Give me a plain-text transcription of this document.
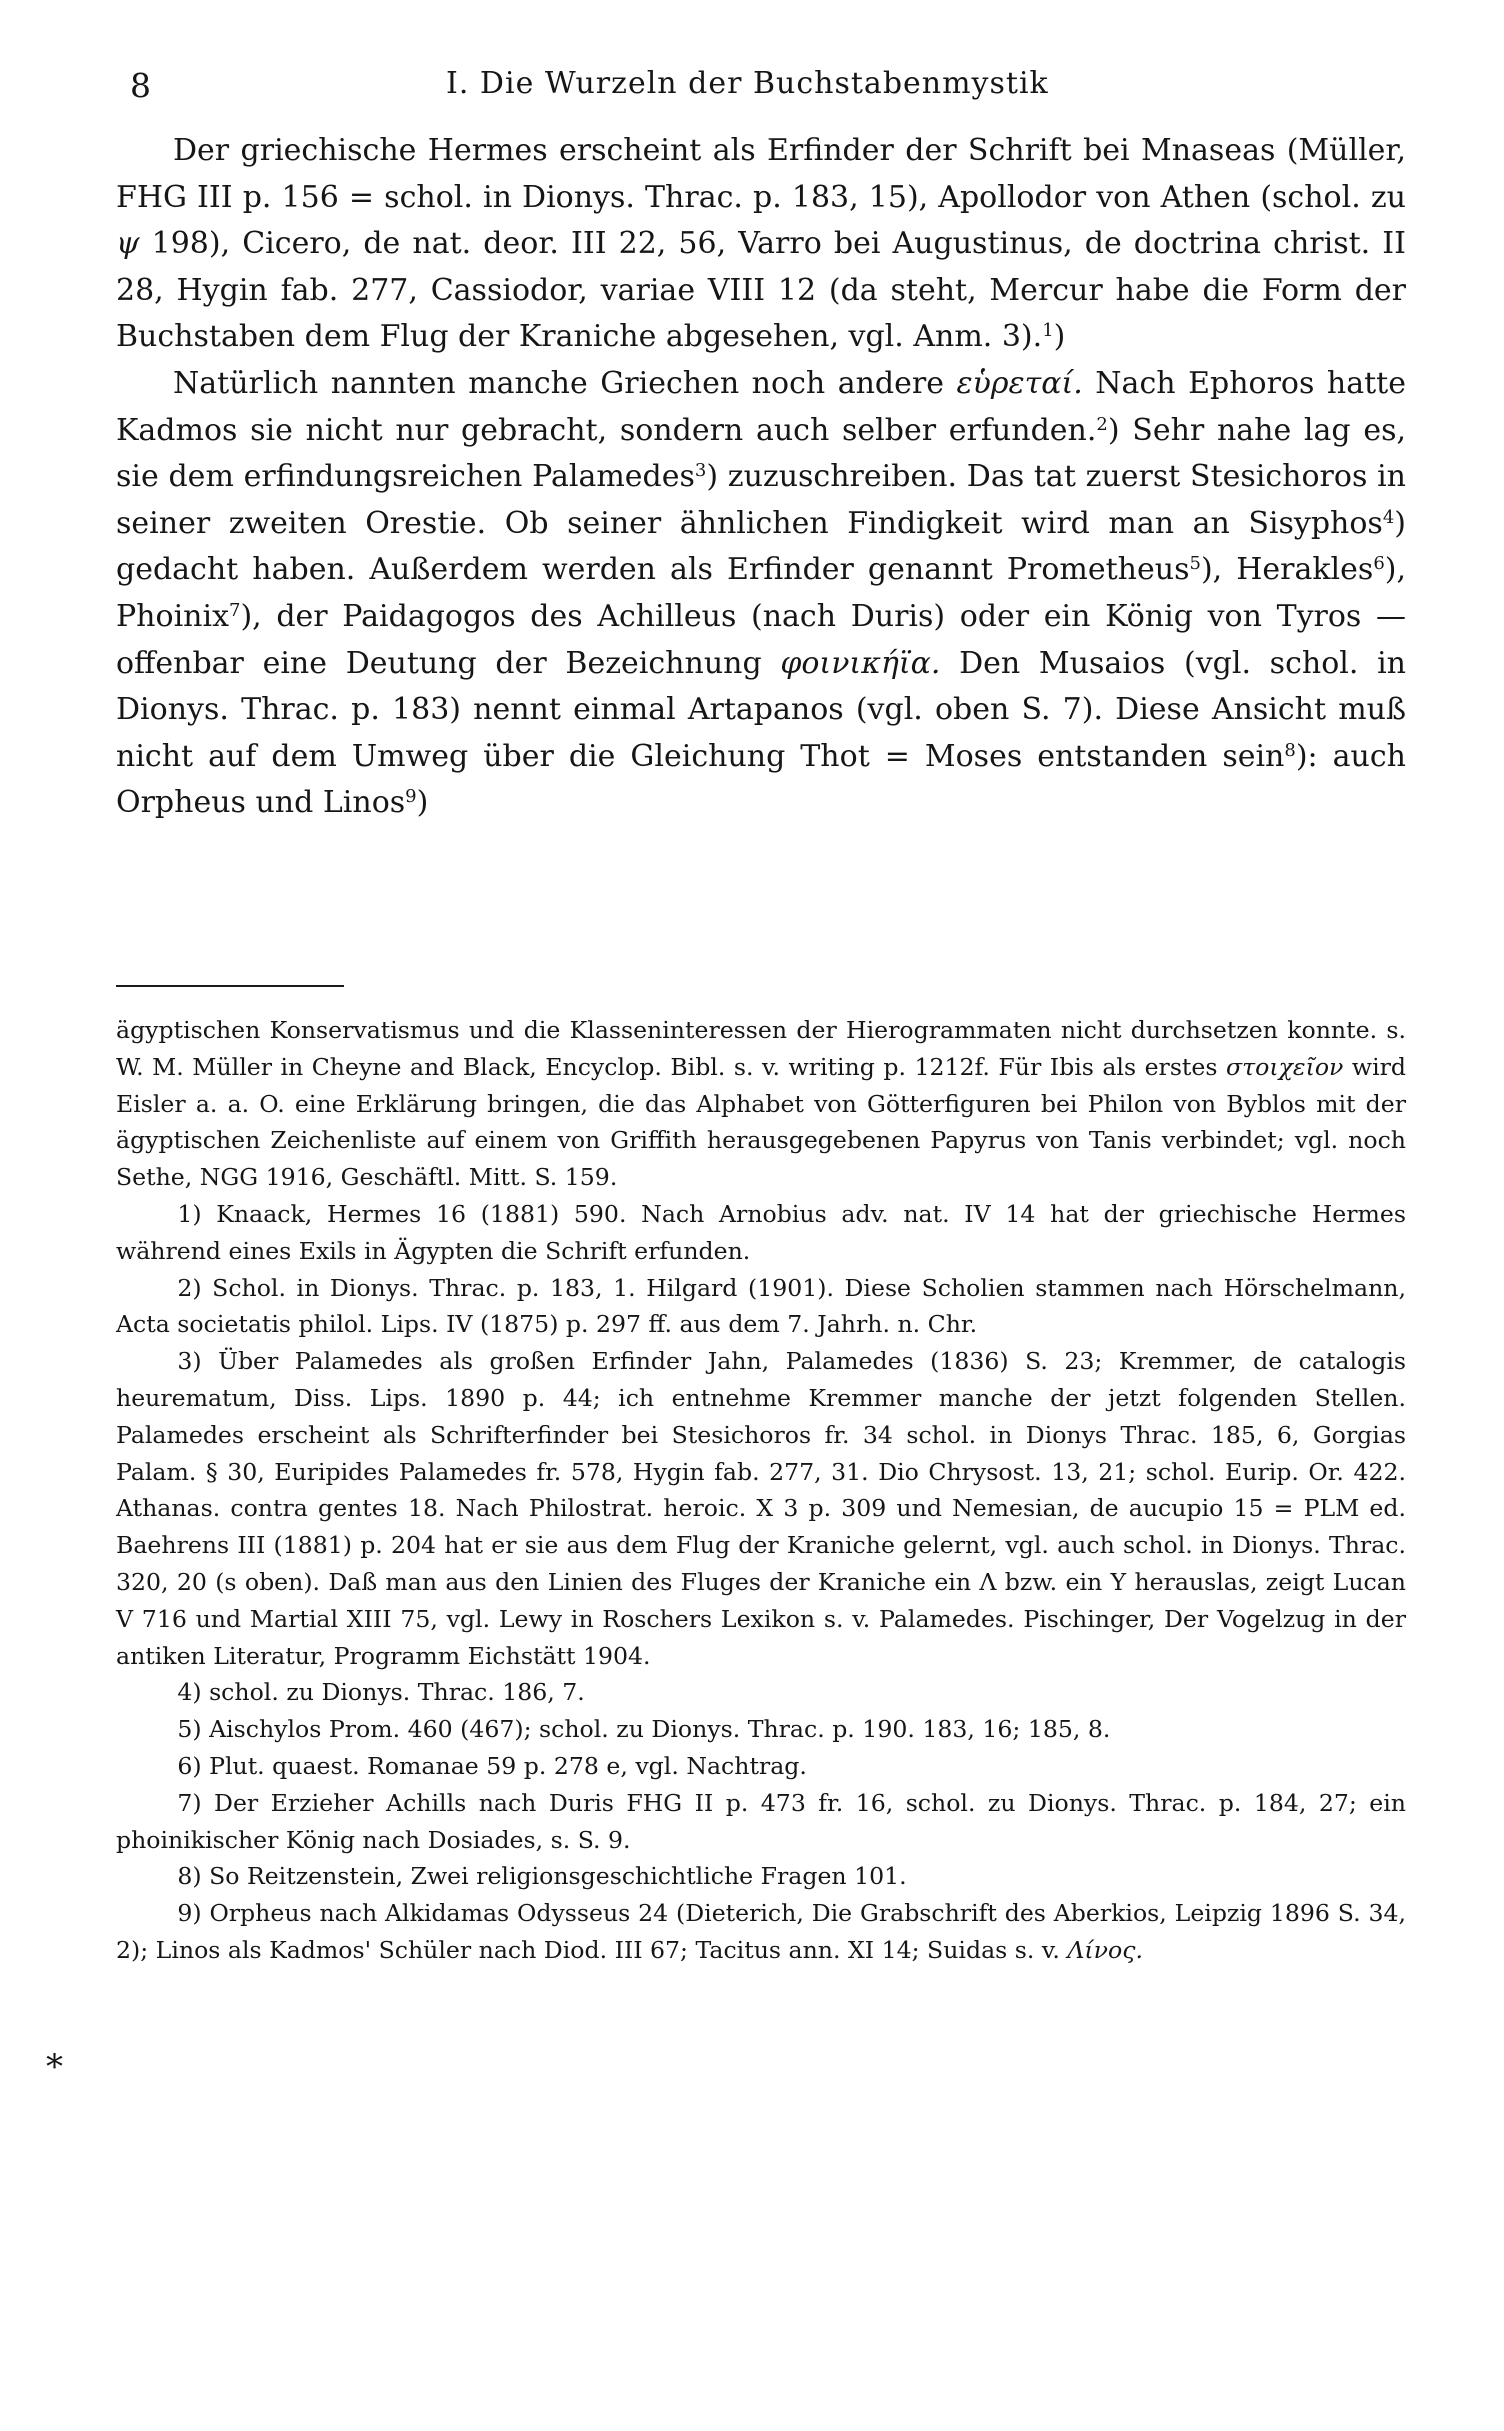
8	I. Die Wurzeln der Buchstabenmystik

Der griechische Hermes erscheint als Erfinder der Schrift bei Mnaseas (Müller, FHG III p. 156 = schol. in Dionys. Thrac. p. 183, 15), Apollodor von Athen (schol. zu ψ 198), Cicero, de nat. deor. III 22, 56, Varro bei Augustinus, de doctrina christ. II 28, Hygin fab. 277, Cassiodor, variae VIII 12 (da steht, Mercur habe die Form der Buchstaben dem Flug der Kraniche abgesehen, vgl. Anm. 3).$^1$)

Natürlich nannten manche Griechen noch andere εὑρεταί. Nach Ephoros hatte Kadmos sie nicht nur gebracht, sondern auch selber erfunden.$^2$) Sehr nahe lag es, sie dem erfindungsreichen Palamedes$^3$) zuzuschreiben. Das tat zuerst Stesichoros in seiner zweiten Orestie. Ob seiner ähnlichen Findigkeit wird man an Sisyphos$^4$) gedacht haben. Außerdem werden als Erfinder genannt Prometheus$^5$), Herakles$^6$), Phoinix$^7$), der Paidagogos des Achilleus (nach Duris) oder ein König von Tyros — offenbar eine Deutung der Bezeichnung φοινικήϊα. Den Musaios (vgl. schol. in Dionys. Thrac. p. 183) nennt einmal Artapanos (vgl. oben S. 7). Diese Ansicht muß nicht auf dem Umweg über die Gleichung Thot = Moses entstanden sein$^8$): auch Orpheus und Linos$^9$)

ägyptischen Konservatismus und die Klasseninteressen der Hierogrammaten nicht durchsetzen konnte. s. W. M. Müller in Cheyne and Black, Encyclop. Bibl. s. v. writing p. 1212f. Für Ibis als erstes στοιχεῖον wird Eisler a. a. O. eine Erklärung bringen, die das Alphabet von Götterfiguren bei Philon von Byblos mit der ägyptischen Zeichenliste auf einem von Griffith herausgegebenen Papyrus von Tanis verbindet; vgl. noch Sethe, NGG 1916, Geschäftl. Mitt. S. 159.

1) Knaack, Hermes 16 (1881) 590. Nach Arnobius adv. nat. IV 14 hat der griechische Hermes während eines Exils in Ägypten die Schrift erfunden.

2) Schol. in Dionys. Thrac. p. 183, 1. Hilgard (1901). Diese Scholien stammen nach Hörschelmann, Acta societatis philol. Lips. IV (1875) p. 297 ff. aus dem 7. Jahrh. n. Chr.

3) Über Palamedes als großen Erfinder Jahn, Palamedes (1836) S. 23; Kremmer, de catalogis heurematum, Diss. Lips. 1890 p. 44; ich entnehme Kremmer manche der jetzt folgenden Stellen. Palamedes erscheint als Schrifterfinder bei Stesichoros fr. 34 schol. in Dionys Thrac. 185, 6, Gorgias Palam. § 30, Euripides Palamedes fr. 578, Hygin fab. 277, 31. Dio Chrysost. 13, 21; schol. Eurip. Or. 422. Athanas. contra gentes 18. Nach Philostrat. heroic. X 3 p. 309 und Nemesian, de aucupio 15 = PLM ed. Baehrens III (1881) p. 204 hat er sie aus dem Flug der Kraniche gelernt, vgl. auch schol. in Dionys. Thrac. 320, 20 (s oben). Daß man aus den Linien des Fluges der Kraniche ein Λ bzw. ein Υ herauslas, zeigt Lucan V 716 und Martial XIII 75, vgl. Lewy in Roschers Lexikon s. v. Palamedes. Pischinger, Der Vogelzug in der antiken Literatur, Programm Eichstätt 1904.

4) schol. zu Dionys. Thrac. 186, 7.

5) Aischylos Prom. 460 (467); schol. zu Dionys. Thrac. p. 190. 183, 16; 185, 8.

6) Plut. quaest. Romanae 59 p. 278 e, vgl. Nachtrag.

7) Der Erzieher Achills nach Duris FHG II p. 473 fr. 16, schol. zu Dionys. Thrac. p. 184, 27; ein phoinikischer König nach Dosiades, s. S. 9.

8) So Reitzenstein, Zwei religionsgeschichtliche Fragen 101.

9) Orpheus nach Alkidamas Odysseus 24 (Dieterich, Die Grabschrift des Aberkios, Leipzig 1896 S. 34, 2); Linos als Kadmos' Schüler nach Diod. III 67; Tacitus ann. XI 14; Suidas s. v. Λίνος.

*
